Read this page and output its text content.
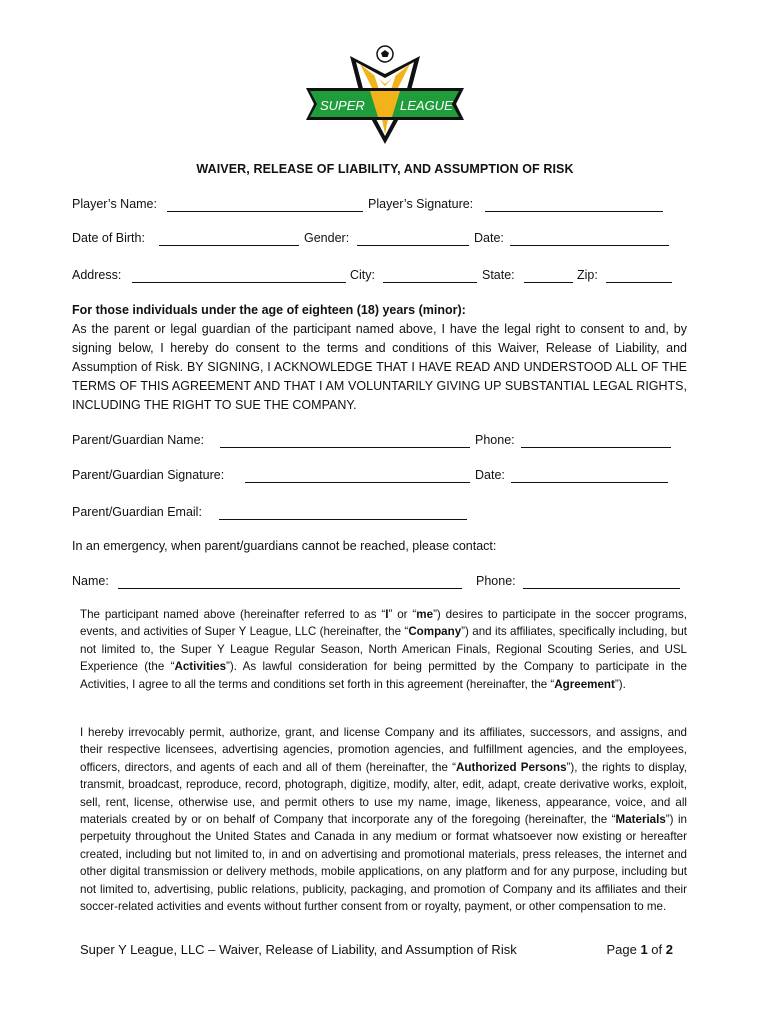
SUPER	LEAGUE
WAIVER, RELEASE OF LIABILITY, AND ASSUMPTION OF RISK
Player’s Name:	Player’s Signature:
Date of Birth:	Gender:	Date:
Address:	City:	State:	Zip:
For those individuals under the age of eighteen (18) years (minor):
As the parent or legal guardian of the participant named above, I have the legal right to consent to and, by signing below, I hereby do consent to the terms and conditions of this Waiver, Release of Liability, and Assumption of Risk. BY SIGNING, I ACKNOWLEDGE THAT I HAVE READ AND UNDERSTOOD ALL OF THE TERMS OF THIS AGREEMENT AND THAT I AM VOLUNTARILY GIVING UP SUBSTANTIAL LEGAL RIGHTS, INCLUDING THE RIGHT TO SUE THE COMPANY.
Parent/Guardian Name:	Phone:
Parent/Guardian Signature:	Date:
Parent/Guardian Email:
In an emergency, when parent/guardians cannot be reached, please contact:
Name:	Phone:
The participant named above (hereinafter referred to as “I” or “me”) desires to participate in the soccer programs, events, and activities of Super Y League, LLC (hereinafter, the “Company”) and its affiliates, specifically including, but not limited to, the Super Y League Regular Season, North American Finals, Regional Scouting Series, and USL Experience (the “Activities”). As lawful consideration for being permitted by the Company to participate in the Activities, I agree to all the terms and conditions set forth in this agreement (hereinafter, the “Agreement”).
I hereby irrevocably permit, authorize, grant, and license Company and its affiliates, successors, and assigns, and their respective licensees, advertising agencies, promotion agencies, and fulfillment agencies, and the employees, officers, directors, and agents of each and all of them (hereinafter, the “Authorized Persons”), the rights to display, transmit, broadcast, reproduce, record, photograph, digitize, modify, alter, edit, adapt, create derivative works, exploit, sell, rent, license, otherwise use, and permit others to use my name, image, likeness, appearance, voice, and all materials created by or on behalf of Company that incorporate any of the foregoing (hereinafter, the “Materials”) in perpetuity throughout the United States and Canada in any medium or format whatsoever now existing or hereafter created, including but not limited to, in and on advertising and promotional materials, press releases, the internet and other digital transmission or delivery methods, mobile applications, on any platform and for any purpose, including but not limited to, advertising, public relations, publicity, packaging, and promotion of Company and its affiliates and their soccer-related activities and events without further consent from or royalty, payment, or other compensation to me.
Super Y League, LLC – Waiver, Release of Liability, and Assumption of Risk	Page 1 of 2
